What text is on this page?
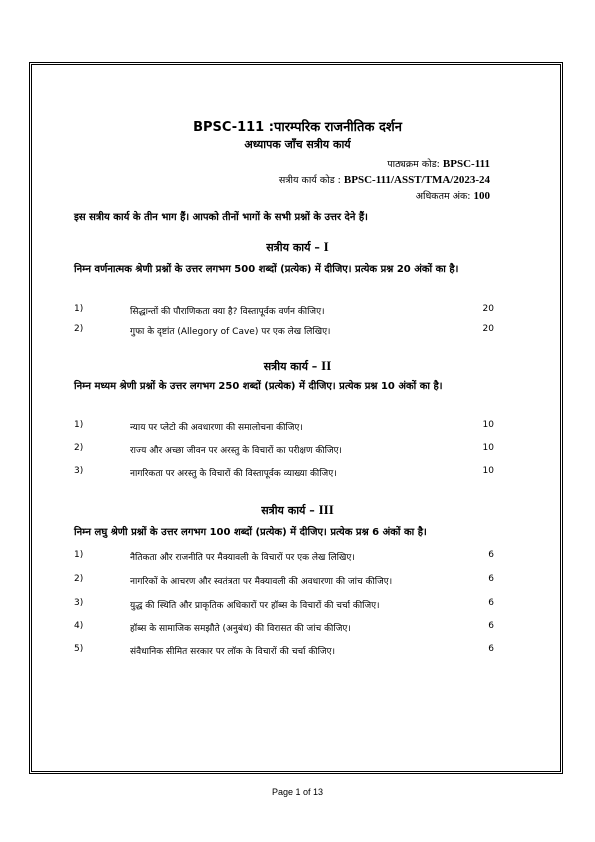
BPSC-111 :पारम्परिक राजनीतिक दर्शन
अध्यापक जाँच सत्रीय कार्य
पाठ्यक्रम कोड: BPSC-111
सत्रीय कार्य कोड : BPSC-111/ASST/TMA/2023-24
अधिकतम अंक: 100
इस सत्रीय कार्य के तीन भाग हैं। आपको तीनों भागों के सभी प्रश्नों के उत्तर देने हैं।
सत्रीय कार्य – I
निम्न वर्णनात्मक श्रेणी प्रश्नों के उत्तर लगभग 500 शब्दों (प्रत्येक) में दीजिए। प्रत्येक प्रश्न 20 अंकों का है।
1)	सिद्धान्तों की पौराणिकता क्या है? विस्तापूर्वक वर्णन कीजिए।	20
2)	गुफा के दृष्टांत (Allegory of Cave) पर एक लेख लिखिए।	20
सत्रीय कार्य – II
निम्न मध्यम श्रेणी प्रश्नों के उत्तर लगभग 250 शब्दों (प्रत्येक) में दीजिए। प्रत्येक प्रश्न 10 अंकों का है।
1)	न्याय पर प्लेटो की अवधारणा की समालोचना कीजिए।	10
2)	राज्य और अच्छा जीवन पर अरस्तु के विचारों का परीक्षण कीजिए।	10
3)	नागरिकता पर अरस्तु के विचारों की विस्तापूर्वक व्याख्या कीजिए।	10
सत्रीय कार्य – III
निम्न लघु श्रेणी प्रश्नों के उत्तर लगभग 100 शब्दों (प्रत्येक) में दीजिए। प्रत्येक प्रश्न 6 अंकों का है।
1)	नैतिकता और राजनीति पर मैक्यावली के विचारों पर एक लेख लिखिए।	6
2)	नागरिकों के आचरण और स्वतंत्रता पर मैक्यावली की अवधारणा की जांच कीजिए।	6
3)	युद्ध की स्थिति और प्राकृतिक अधिकारों पर हॉब्स के विचारों की चर्चा कीजिए।	6
4)	हॉब्स के सामाजिक समझौते (अनुबंध) की विरासत की जांच कीजिए।	6
5)	संवैधानिक सीमित सरकार पर लॉक के विचारों की चर्चा कीजिए।	6
Page 1 of 13
